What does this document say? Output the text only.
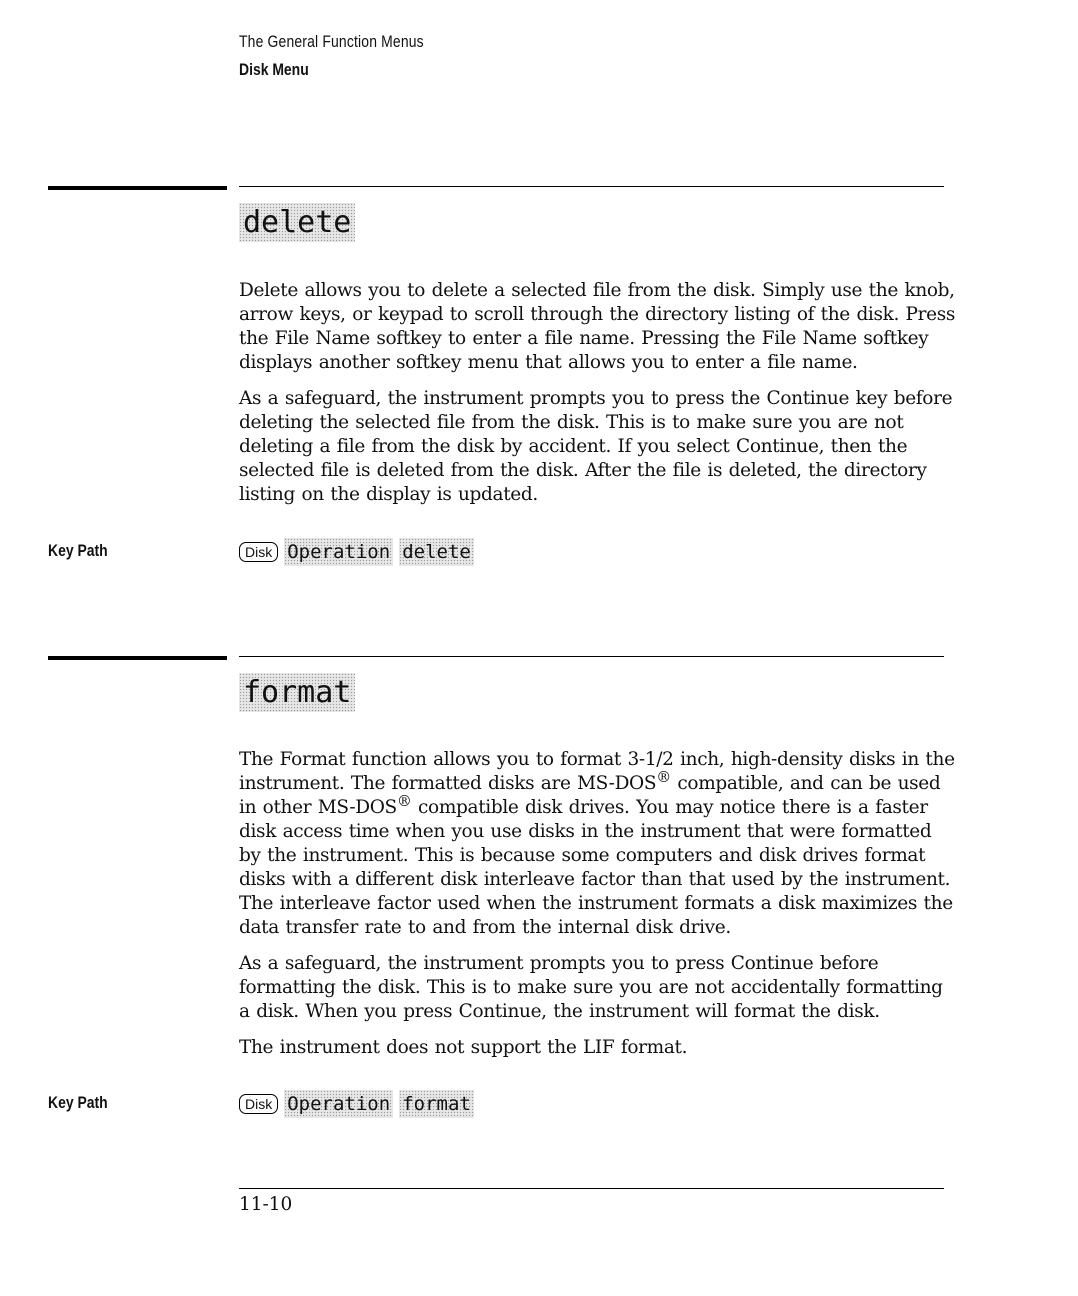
The General Function Menus
Disk Menu
delete

Delete allows you to delete a selected file from the disk. Simply use the knob, arrow keys, or keypad to scroll through the directory listing of the disk. Press the File Name softkey to enter a file name. Pressing the File Name softkey displays another softkey menu that allows you to enter a file name.

As a safeguard, the instrument prompts you to press the Continue key before deleting the selected file from the disk. This is to make sure you are not deleting a file from the disk by accident. If you select Continue, then the selected file is deleted from the disk. After the file is deleted, the directory listing on the display is updated.

Key Path	Disk Operation delete
format

The Format function allows you to format 3-1/2 inch, high-density disks in the instrument. The formatted disks are MS-DOS® compatible, and can be used in other MS-DOS® compatible disk drives. You may notice there is a faster disk access time when you use disks in the instrument that were formatted by the instrument. This is because some computers and disk drives format disks with a different disk interleave factor than that used by the instrument. The interleave factor used when the instrument formats a disk maximizes the data transfer rate to and from the internal disk drive.

As a safeguard, the instrument prompts you to press Continue before formatting the disk. This is to make sure you are not accidentally formatting a disk. When you press Continue, the instrument will format the disk.

The instrument does not support the LIF format.

Key Path	Disk Operation format
11-10
